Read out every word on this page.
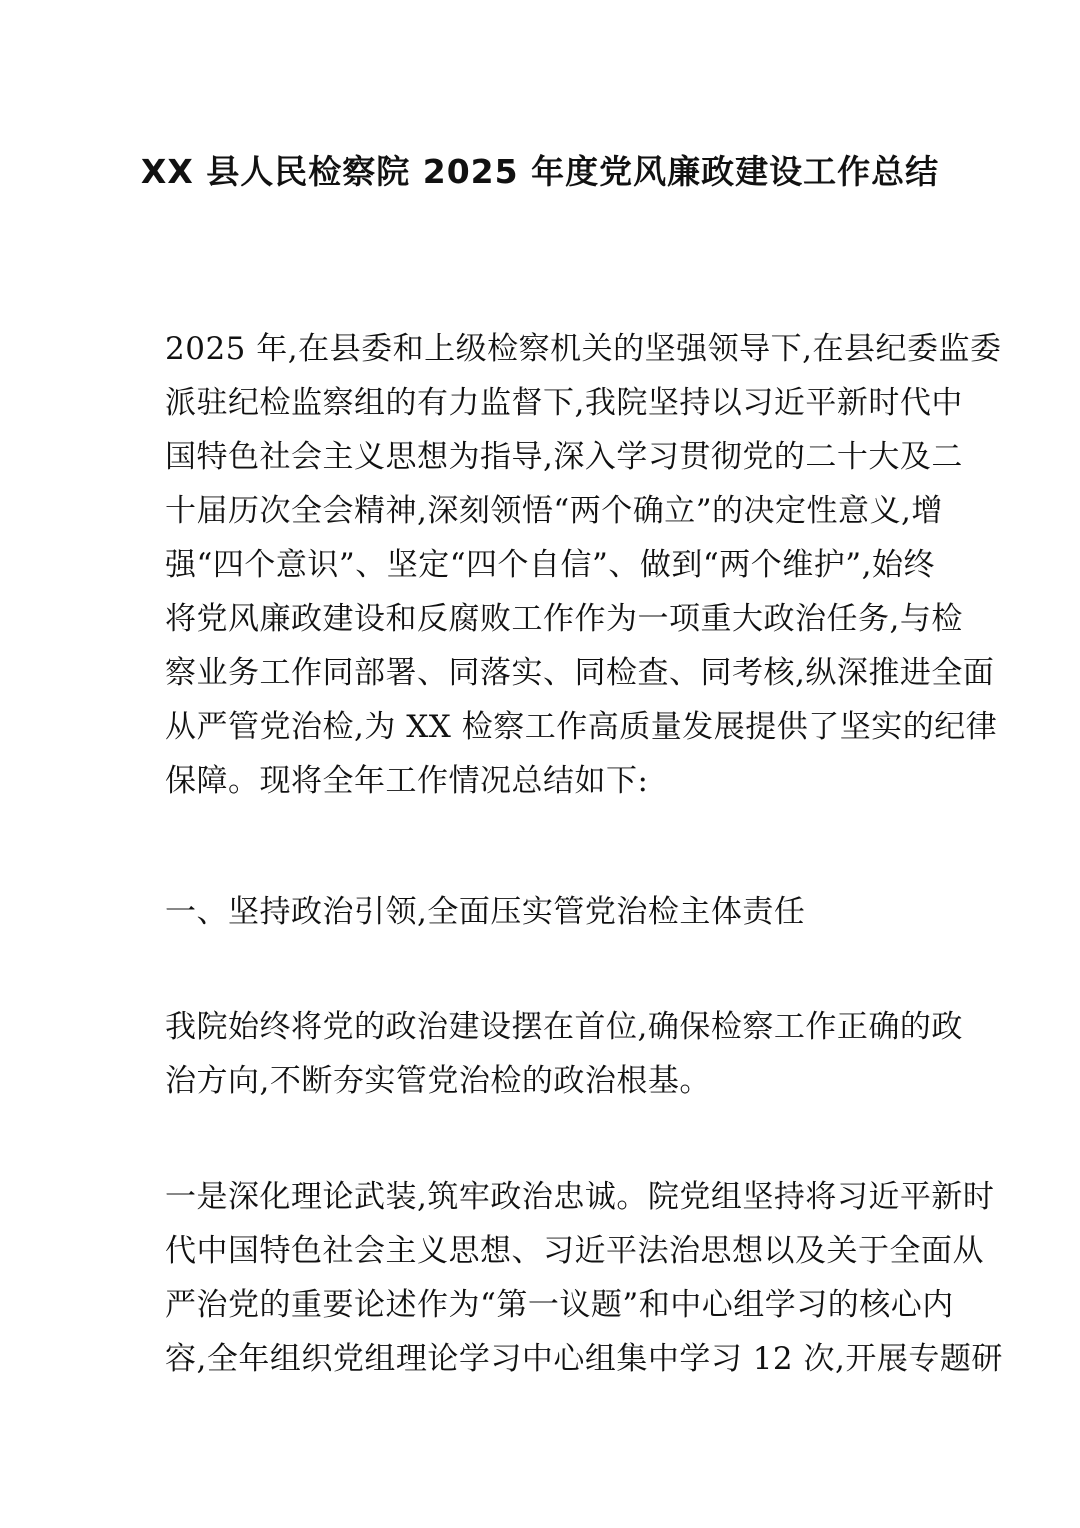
XX 县人民检察院 2025 年度党风廉政建设工作总结
2025 年,在县委和上级检察机关的坚强领导下,在县纪委监委
派驻纪检监察组的有力监督下,我院坚持以习近平新时代中
国特色社会主义思想为指导,深入学习贯彻党的二十大及二
十届历次全会精神,深刻领悟“两个确立”的决定性意义,增
强“四个意识”、坚定“四个自信”、做到“两个维护”,始终
将党风廉政建设和反腐败工作作为一项重大政治任务,与检
察业务工作同部署、同落实、同检查、同考核,纵深推进全面
从严管党治检,为 XX 检察工作高质量发展提供了坚实的纪律
保障。现将全年工作情况总结如下:
一、坚持政治引领,全面压实管党治检主体责任
我院始终将党的政治建设摆在首位,确保检察工作正确的政
治方向,不断夯实管党治检的政治根基。
一是深化理论武装,筑牢政治忠诚。院党组坚持将习近平新时
代中国特色社会主义思想、习近平法治思想以及关于全面从
严治党的重要论述作为“第一议题”和中心组学习的核心内
容,全年组织党组理论学习中心组集中学习 12 次,开展专题研
